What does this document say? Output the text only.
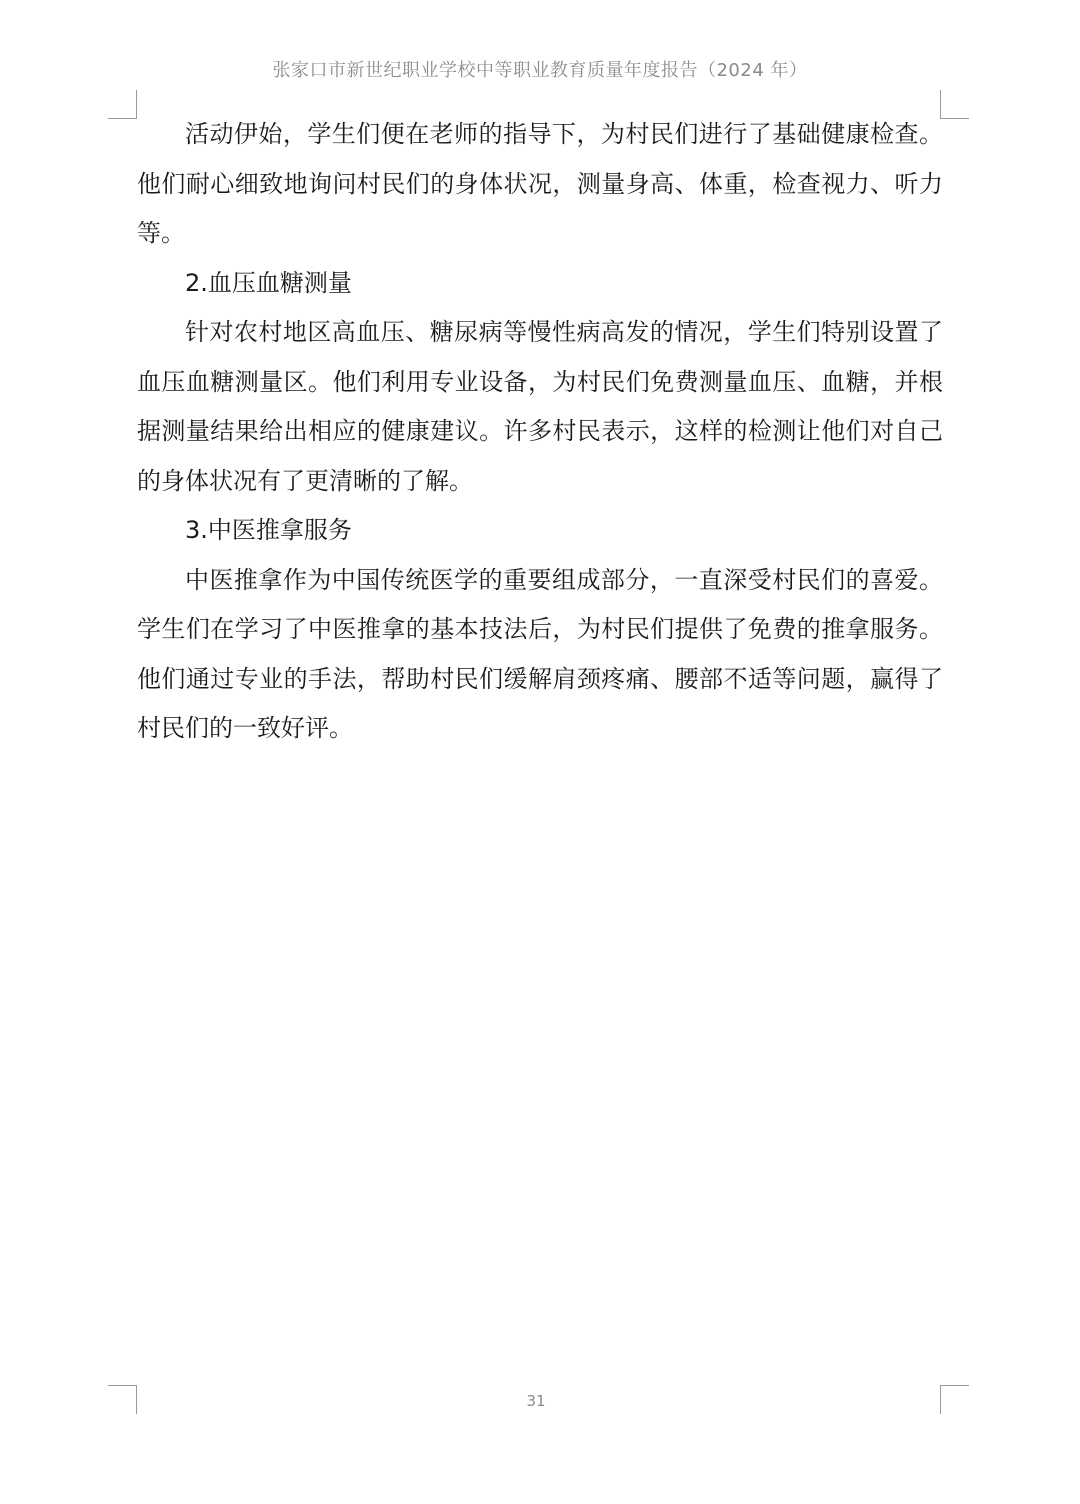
张家口市新世纪职业学校中等职业教育质量年度报告（2024 年）

活动伊始，学生们便在老师的指导下，为村民们进行了基础健康检查。他们耐心细致地询问村民们的身体状况，测量身高、体重，检查视力、听力等。

2.血压血糖测量

针对农村地区高血压、糖尿病等慢性病高发的情况，学生们特别设置了血压血糖测量区。他们利用专业设备，为村民们免费测量血压、血糖，并根据测量结果给出相应的健康建议。许多村民表示，这样的检测让他们对自己的身体状况有了更清晰的了解。

3.中医推拿服务

中医推拿作为中国传统医学的重要组成部分，一直深受村民们的喜爱。学生们在学习了中医推拿的基本技法后，为村民们提供了免费的推拿服务。他们通过专业的手法，帮助村民们缓解肩颈疼痛、腰部不适等问题，赢得了村民们的一致好评。

31
